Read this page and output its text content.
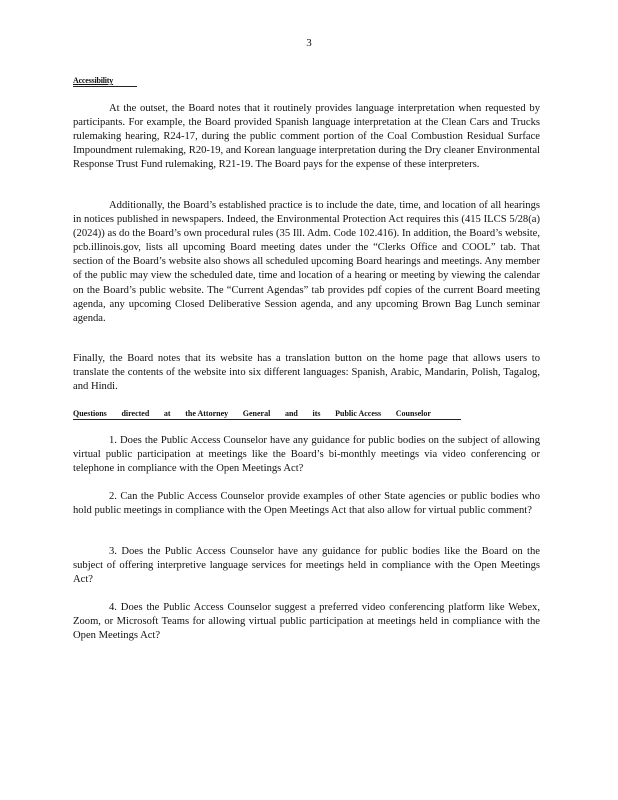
3
Accessibility

At the outset, the Board notes that it routinely provides language interpretation when requested by participants. For example, the Board provided Spanish language interpretation at the Clean Cars and Trucks rulemaking hearing, R24-17, during the public comment portion of the Coal Combustion Residual Surface Impoundment rulemaking, R20-19, and Korean language interpretation during the Dry cleaner Environmental Response Trust Fund rulemaking, R21-19. The Board pays for the expense of these interpreters.

Additionally, the Board’s established practice is to include the date, time, and location of all hearings in notices published in newspapers. Indeed, the Environmental Protection Act requires this (415 ILCS 5/28(a) (2024)) as do the Board’s own procedural rules (35 Ill. Adm. Code 102.416). In addition, the Board’s website, pcb.illinois.gov, lists all upcoming Board meeting dates under the “Clerks Office and COOL” tab. That section of the Board’s website also shows all scheduled upcoming Board hearings and meetings. Any member of the public may view the scheduled date, time and location of a hearing or meeting by viewing the calendar on the Board’s public website. The “Current Agendas” tab provides pdf copies of the current Board meeting agenda, any upcoming Closed Deliberative Session agenda, and any upcoming Brown Bag Lunch seminar agenda.

Finally, the Board notes that its website has a translation button on the home page that allows users to translate the contents of the website into six different languages: Spanish, Arabic, Mandarin, Polish, Tagalog, and Hindi.

Questions directed at the Attorney General and its Public Access Counselor

1. Does the Public Access Counselor have any guidance for public bodies on the subject of allowing virtual public participation at meetings like the Board’s bi-monthly meetings via video conferencing or telephone in compliance with the Open Meetings Act?

2. Can the Public Access Counselor provide examples of other State agencies or public bodies who hold public meetings in compliance with the Open Meetings Act that also allow for virtual public comment?

3. Does the Public Access Counselor have any guidance for public bodies like the Board on the subject of offering interpretive language services for meetings held in compliance with the Open Meetings Act?

4. Does the Public Access Counselor suggest a preferred video conferencing platform like Webex, Zoom, or Microsoft Teams for allowing virtual public participation at meetings held in compliance with the Open Meetings Act?
